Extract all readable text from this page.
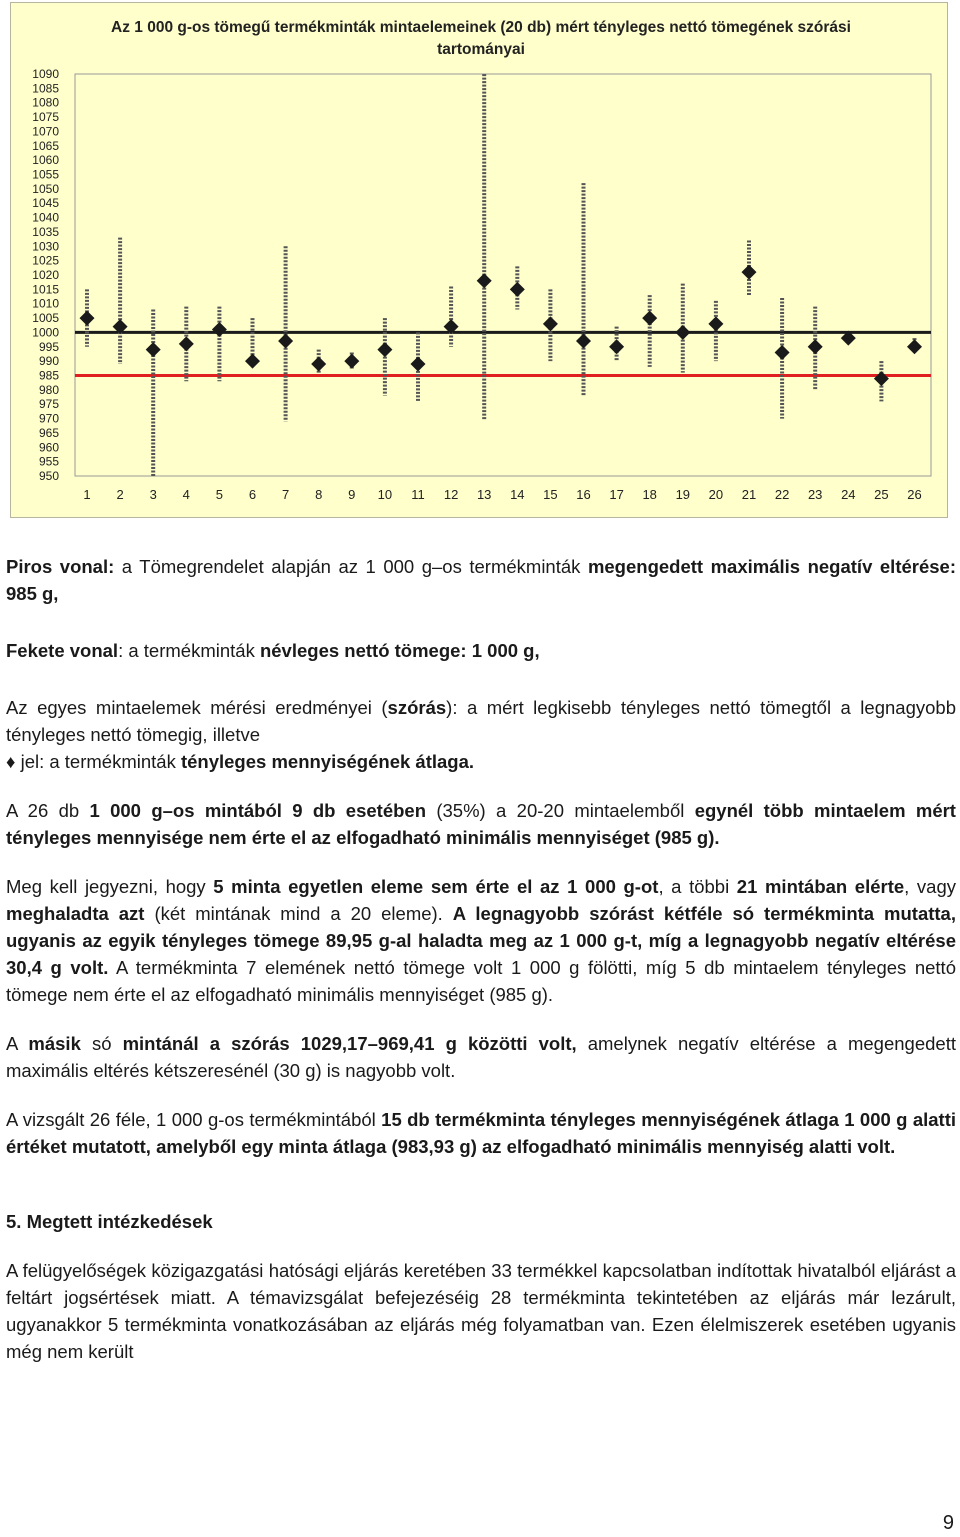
Az 1 000 g-os tömegű termékminták mintaelemeinek (20 db) mért tényleges nettó tömegének szórási tartományai
1090
1085
1080
1075
1070
1065
1060
1055
1050
1045
1040
1035
1030
1025
1020
1015
1010
1005
1000
995
990
985
980
975
970
965
960
955
950
1 2 3 4 5 6 7 8 9 10 11 12 13 14 15 16 17 18 19 20 21 22 23 24 25 26

Piros vonal: a Tömegrendelet alapján az 1 000 g–os termékminták megengedett maximális negatív eltérése: 985 g,

Fekete vonal: a termékminták névleges nettó tömege: 1 000 g,

Az egyes mintaelemek mérési eredményei (szórás): a mért legkisebb tényleges nettó tömegtől a legnagyobb tényleges nettó tömegig, illetve
♦ jel: a termékminták tényleges mennyiségének átlaga.

A 26 db 1 000 g–os mintából 9 db esetében (35%) a 20-20 mintaelemből egynél több mintaelem mért tényleges mennyisége nem érte el az elfogadható minimális mennyiséget (985 g).

Meg kell jegyezni, hogy 5 minta egyetlen eleme sem érte el az 1 000 g-ot, a többi 21 mintában elérte, vagy meghaladta azt (két mintának mind a 20 eleme). A legnagyobb szórást kétféle só termékminta mutatta, ugyanis az egyik tényleges tömege 89,95 g-al haladta meg az 1 000 g-t, míg a legnagyobb negatív eltérése 30,4 g volt. A termékminta 7 elemének nettó tömege volt 1 000 g fölötti, míg 5 db mintaelem tényleges nettó tömege nem érte el az elfogadható minimális mennyiséget (985 g).

A másik só mintánál a szórás 1029,17–969,41 g közötti volt, amelynek negatív eltérése a megengedett maximális eltérés kétszeresénél (30 g) is nagyobb volt.

A vizsgált 26 féle, 1 000 g-os termékmintából 15 db termékminta tényleges mennyiségének átlaga 1 000 g alatti értéket mutatott, amelyből egy minta átlaga (983,93 g) az elfogadható minimális mennyiség alatti volt.

5. Megtett intézkedések

A felügyelőségek közigazgatási hatósági eljárás keretében 33 termékkel kapcsolatban indítottak hivatalból eljárást a feltárt jogsértések miatt. A témavizsgálat befejezéséig 28 termékminta tekintetében az eljárás már lezárult, ugyanakkor 5 termékminta vonatkozásában az eljárás még folyamatban van. Ezen élelmiszerek esetében ugyanis még nem került

9
